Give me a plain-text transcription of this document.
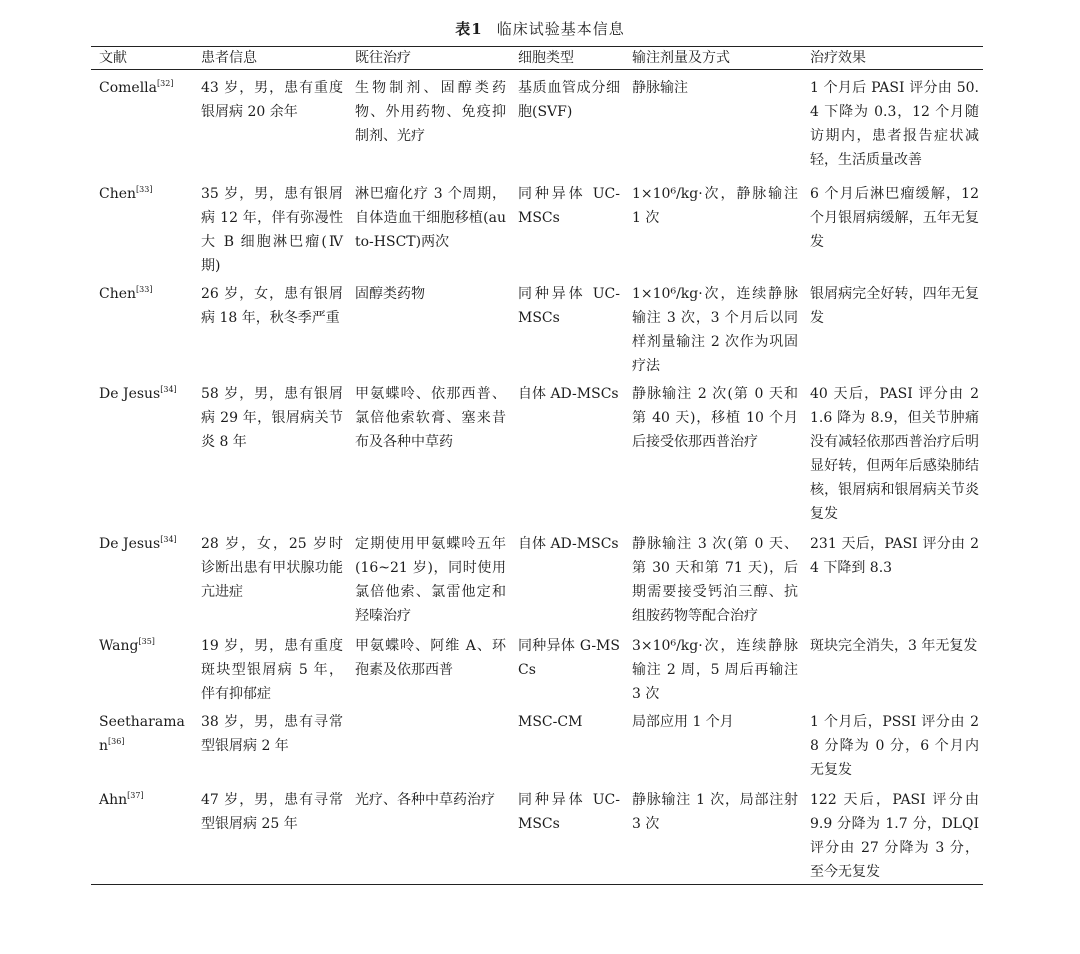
表1 临床试验基本信息
文献	患者信息	既往治疗	细胞类型	输注剂量及方式	治疗效果
Comella[32]	43 岁，男，患有重度银屑病 20 余年	生物制剂、固醇类药物、外用药物、免疫抑制剂、光疗	基质血管成分细胞(SVF)	静脉输注	1 个月后 PASI 评分由 50.4 下降为 0.3，12 个月随访期内，患者报告症状减轻，生活质量改善
Chen[33]	35 岁，男，患有银屑病 12 年，伴有弥漫性大 B 细胞淋巴瘤(Ⅳ期)	淋巴瘤化疗 3 个周期，自体造血干细胞移植(auto-HSCT)两次	同种异体 UC-MSCs	1×10⁶/kg·次，静脉输注 1 次	6 个月后淋巴瘤缓解，12 个月银屑病缓解，五年无复发
Chen[33]	26 岁，女，患有银屑病 18 年，秋冬季严重	固醇类药物	同种异体 UC-MSCs	1×10⁶/kg·次，连续静脉输注 3 次，3 个月后以同样剂量输注 2 次作为巩固疗法	银屑病完全好转，四年无复发
De Jesus[34]	58 岁，男，患有银屑病 29 年，银屑病关节炎 8 年	甲氨蝶呤、依那西普、氯倍他索软膏、塞来昔布及各种中草药	自体 AD-MSCs	静脉输注 2 次(第 0 天和第 40 天)，移植 10 个月后接受依那西普治疗	40 天后，PASI 评分由 21.6 降为 8.9，但关节肿痛没有减轻依那西普治疗后明显好转，但两年后感染肺结核，银屑病和银屑病关节炎复发
De Jesus[34]	28 岁，女，25 岁时诊断出患有甲状腺功能亢进症	定期使用甲氨蝶呤五年(16~21 岁)，同时使用氯倍他索、氯雷他定和羟嗪治疗	自体 AD-MSCs	静脉输注 3 次(第 0 天、第 30 天和第 71 天)，后期需要接受钙泊三醇、抗组胺药物等配合治疗	231 天后，PASI 评分由 24 下降到 8.3
Wang[35]	19 岁，男，患有重度斑块型银屑病 5 年，伴有抑郁症	甲氨蝶呤、阿维 A、环孢素及依那西普	同种异体 G-MSCs	3×10⁶/kg·次，连续静脉输注 2 周，5 周后再输注 3 次	斑块完全消失，3 年无复发
Seetharaman[36]	38 岁，男，患有寻常型银屑病 2 年		MSC-CM	局部应用 1 个月	1 个月后，PSSI 评分由 28 分降为 0 分，6 个月内无复发
Ahn[37]	47 岁，男，患有寻常型银屑病 25 年	光疗、各种中草药治疗	同种异体 UC-MSCs	静脉输注 1 次，局部注射 3 次	122 天后，PASI 评分由 9.9 分降为 1.7 分，DLQI 评分由 27 分降为 3 分，至今无复发
